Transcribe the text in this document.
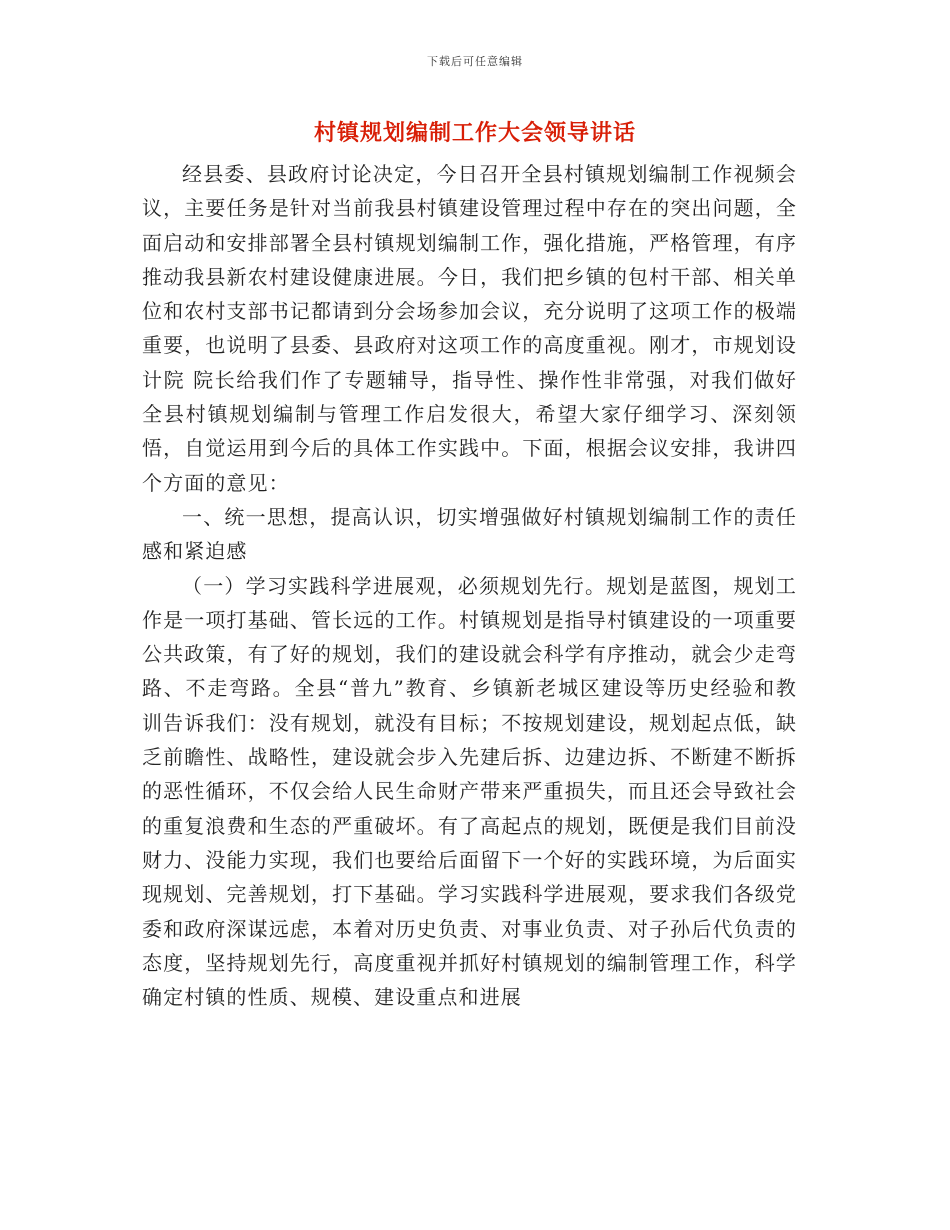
下载后可任意编辑
村镇规划编制工作大会领导讲话

经县委、县政府讨论决定，今日召开全县村镇规划编制工作视频会议，主要任务是针对当前我县村镇建设管理过程中存在的突出问题，全面启动和安排部署全县村镇规划编制工作，强化措施，严格管理，有序推动我县新农村建设健康进展。今日，我们把乡镇的包村干部、相关单位和农村支部书记都请到分会场参加会议，充分说明了这项工作的极端重要，也说明了县委、县政府对这项工作的高度重视。刚才，市规划设计院 院长给我们作了专题辅导，指导性、操作性非常强，对我们做好全县村镇规划编制与管理工作启发很大，希望大家仔细学习、深刻领悟，自觉运用到今后的具体工作实践中。下面，根据会议安排，我讲四个方面的意见：

一、统一思想，提高认识，切实增强做好村镇规划编制工作的责任感和紧迫感

（一）学习实践科学进展观，必须规划先行。规划是蓝图，规划工作是一项打基础、管长远的工作。村镇规划是指导村镇建设的一项重要公共政策，有了好的规划，我们的建设就会科学有序推动，就会少走弯路、不走弯路。全县“普九”教育、乡镇新老城区建设等历史经验和教训告诉我们：没有规划，就没有目标；不按规划建设，规划起点低，缺乏前瞻性、战略性，建设就会步入先建后拆、边建边拆、不断建不断拆的恶性循环，不仅会给人民生命财产带来严重损失，而且还会导致社会的重复浪费和生态的严重破坏。有了高起点的规划，既便是我们目前没财力、没能力实现，我们也要给后面留下一个好的实践环境，为后面实现规划、完善规划，打下基础。学习实践科学进展观，要求我们各级党委和政府深谋远虑，本着对历史负责、对事业负责、对子孙后代负责的态度，坚持规划先行，高度重视并抓好村镇规划的编制管理工作，科学确定村镇的性质、规模、建设重点和进展
